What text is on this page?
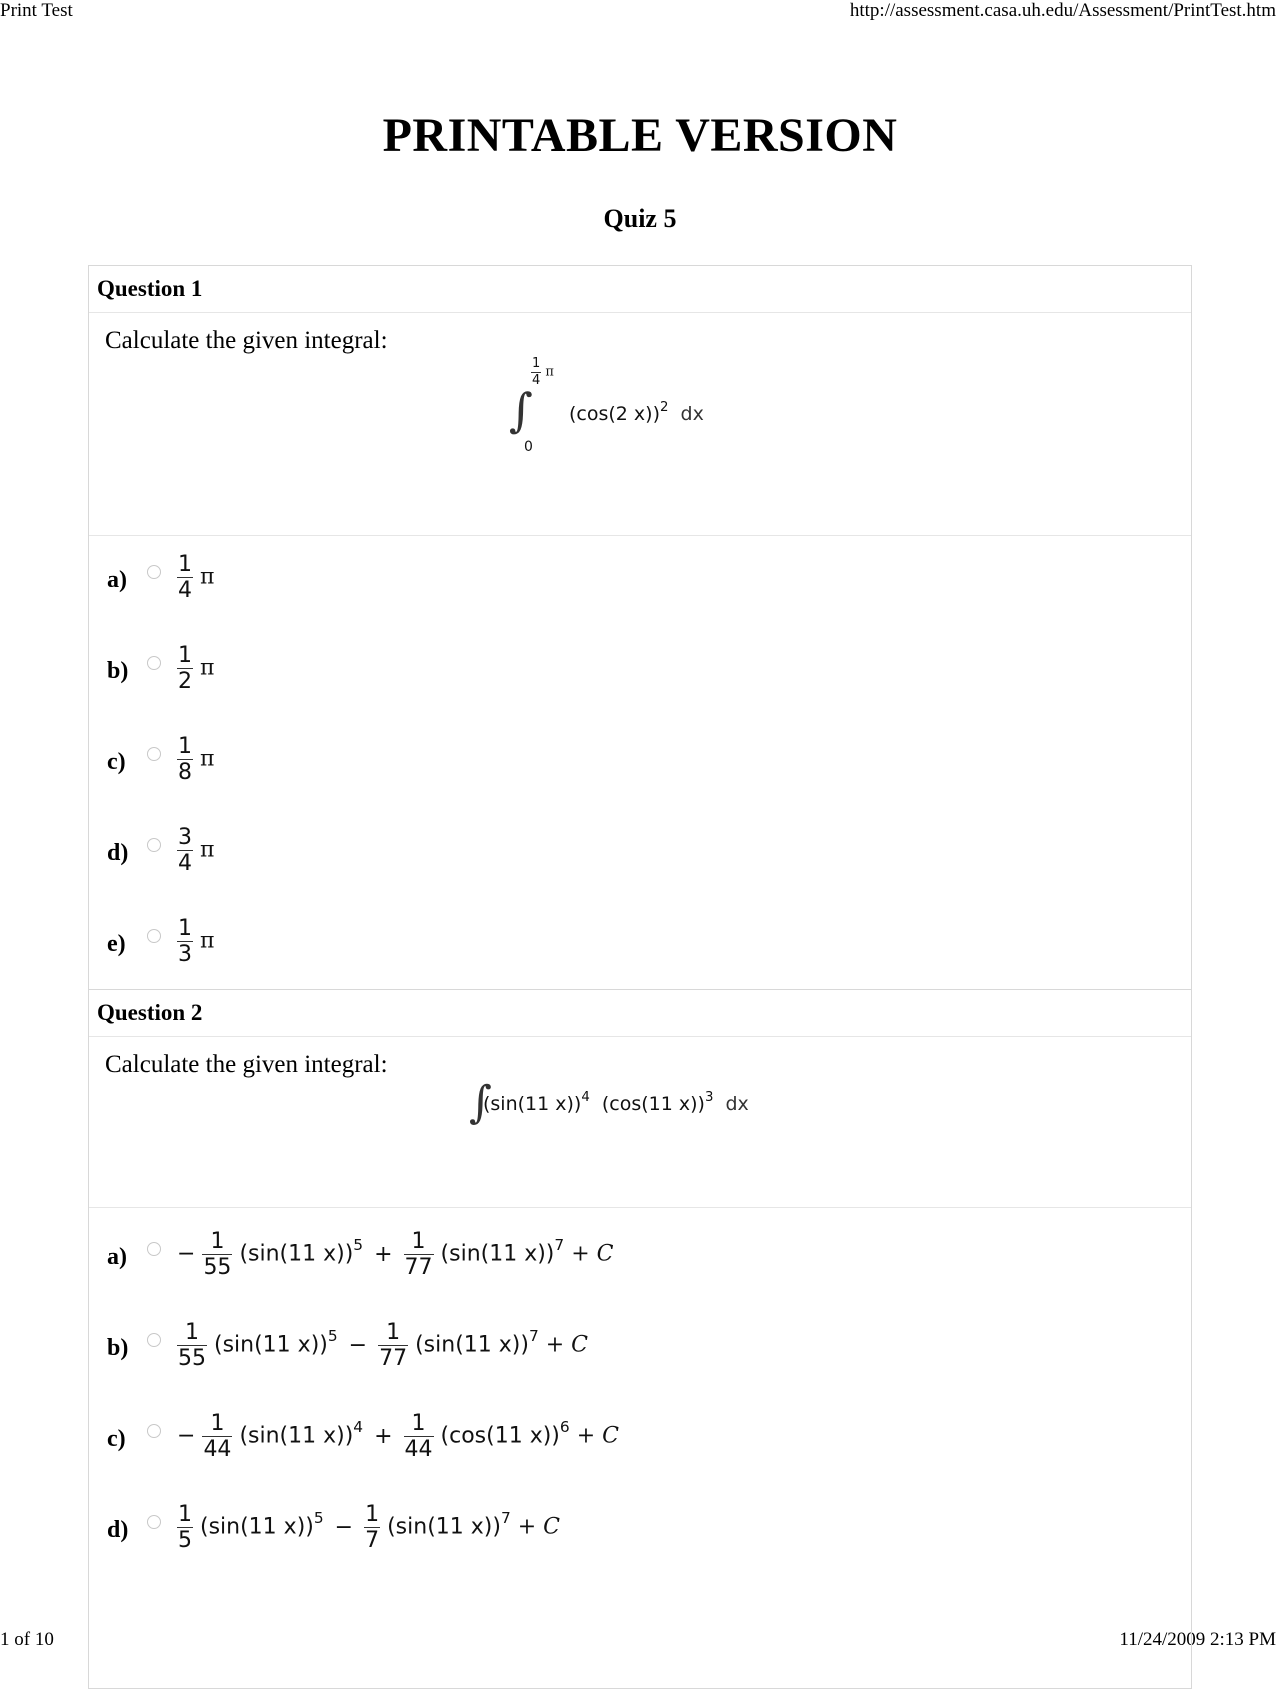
Print Test	http://assessment.casa.uh.edu/Assessment/PrintTest.htm
1 of 10	11/24/2009 2:13 PM
PRINTABLE VERSION
Quiz 5
Question 1
Calculate the given integral:
∫
$\frac{1}{4}$ π
0
(cos(2 x))$^2$ dx
$a) \frac{1}{4}$ π
$b) \frac{1}{2}$ π
$c) \frac{1}{8}$ π
$d) \frac{3}{4}$ π
$e) \frac{1}{3}$ π
Question 2
Calculate the given integral:
∫
(sin(11 x))$^4$ (cos(11 x))$^3$ dx
$a) - \frac{1}{55} (\sin(11$ $x))^5 + \frac{1}{77} (\sin(11$ x))$^7$ + C
$b) \frac{1}{55} (\sin(11$ $x))^5 - \frac{1}{77} (\sin(11$ x))$^7$ + C
$c) - \frac{1}{44} (\sin(11$ $x))^4 + \frac{1}{44} (\cos(11$ x))$^6$ + C
$d) \frac{1}{5} (\sin(11$ $x))^5 - \frac{1}{7} (\sin(11$ x))$^7$ + C
